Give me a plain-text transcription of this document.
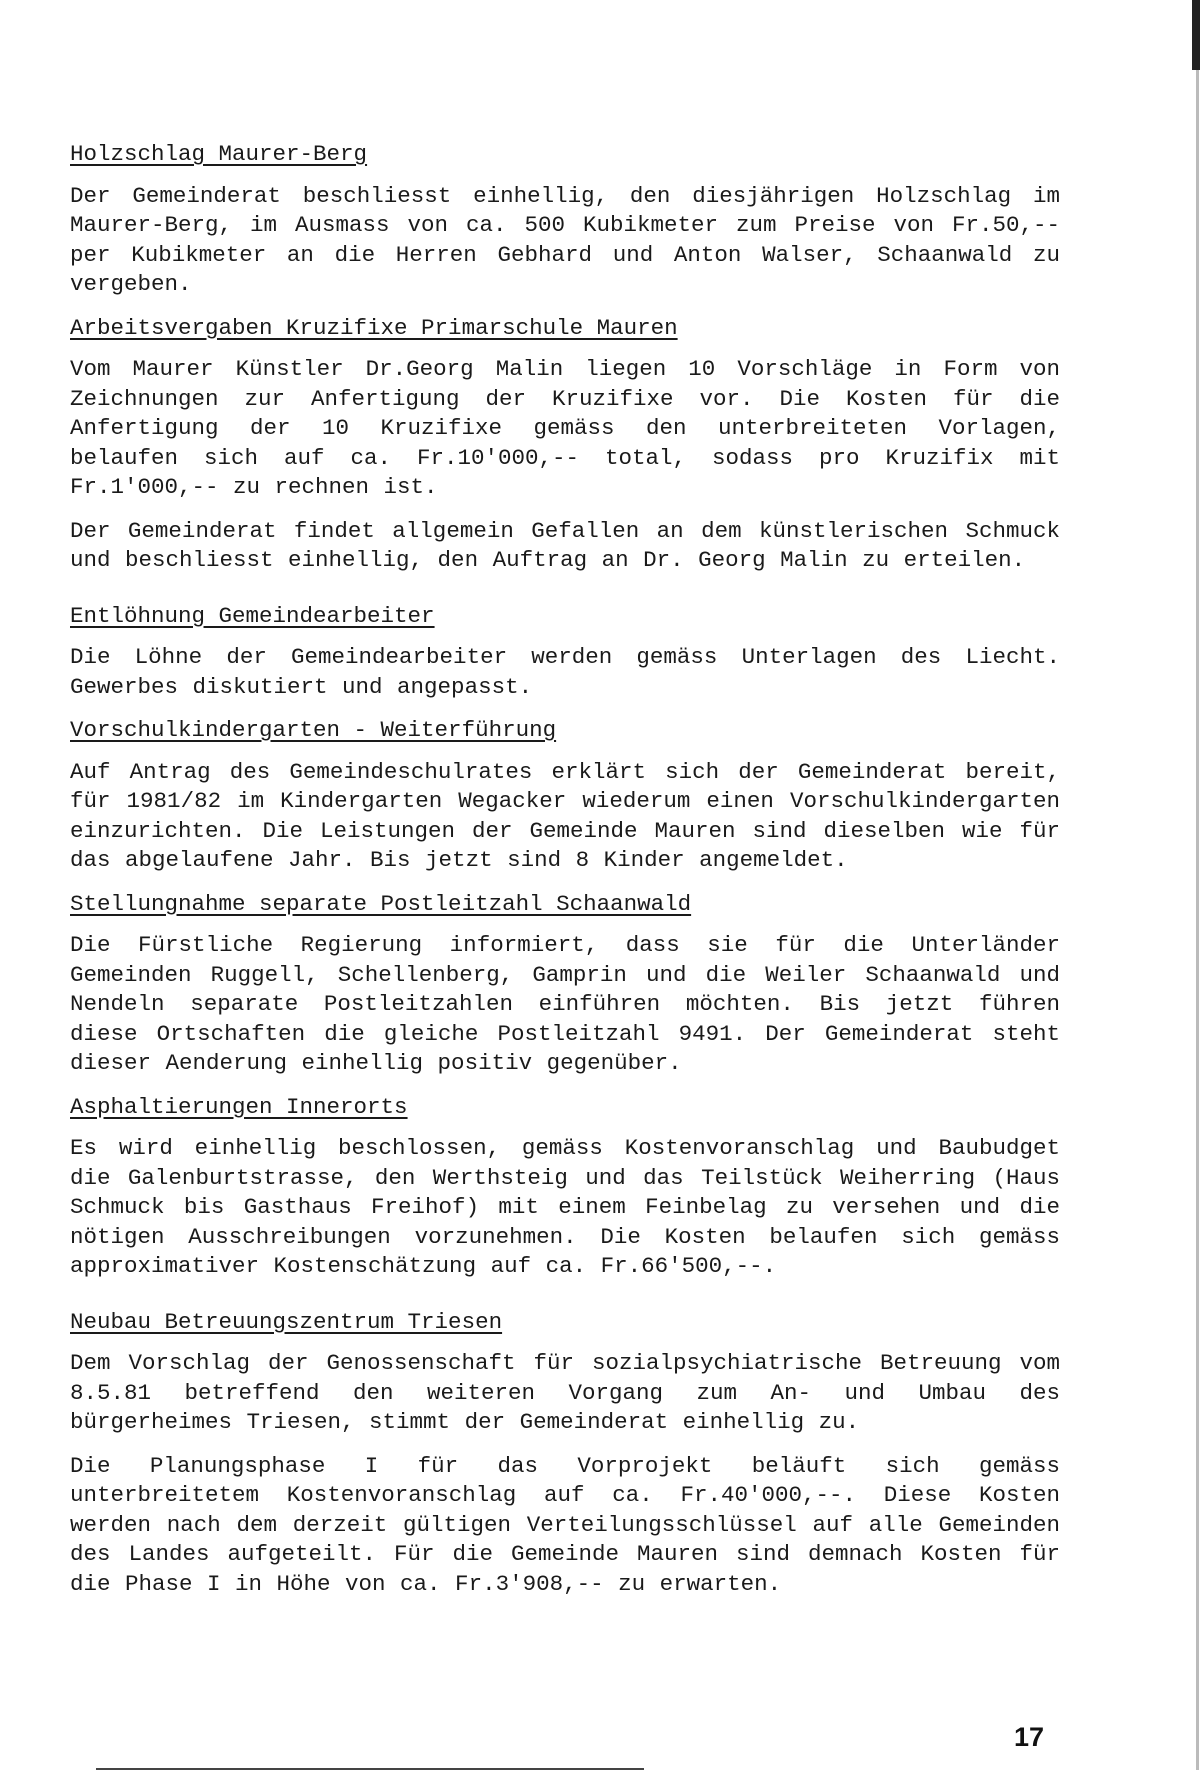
Holzschlag Maurer-Berg

Der Gemeinderat beschliesst einhellig, den diesjährigen Holzschlag im Maurer-Berg, im Ausmass von ca. 500 Kubikmeter zum Preise von Fr.50,-- per Kubikmeter an die Herren Gebhard und Anton Walser, Schaanwald zu vergeben.

Arbeitsvergaben Kruzifixe Primarschule Mauren

Vom Maurer Künstler Dr.Georg Malin liegen 10 Vorschläge in Form von Zeichnungen zur Anfertigung der Kruzifixe vor. Die Kosten für die Anfertigung der 10 Kruzifixe gemäss den unterbreiteten Vorlagen, belaufen sich auf ca. Fr.10'000,-- total, sodass pro Kruzifix mit Fr.1'000,-- zu rechnen ist.

Der Gemeinderat findet allgemein Gefallen an dem künstlerischen Schmuck und beschliesst einhellig, den Auftrag an Dr. Georg Malin zu erteilen.

Entlöhnung Gemeindearbeiter

Die Löhne der Gemeindearbeiter werden gemäss Unterlagen des Liecht. Gewerbes diskutiert und angepasst.

Vorschulkindergarten - Weiterführung

Auf Antrag des Gemeindeschulrates erklärt sich der Gemeinderat bereit, für 1981/82 im Kindergarten Wegacker wiederum einen Vorschulkindergarten einzurichten. Die Leistungen der Gemeinde Mauren sind dieselben wie für das abgelaufene Jahr. Bis jetzt sind 8 Kinder angemeldet.

Stellungnahme separate Postleitzahl Schaanwald

Die Fürstliche Regierung informiert, dass sie für die Unterländer Gemeinden Ruggell, Schellenberg, Gamprin und die Weiler Schaanwald und Nendeln separate Postleitzahlen einführen möchten. Bis jetzt führen diese Ortschaften die gleiche Postleitzahl 9491. Der Gemeinderat steht dieser Aenderung einhellig positiv gegenüber.

Asphaltierungen Innerorts

Es wird einhellig beschlossen, gemäss Kostenvoranschlag und Baubudget die Galenburtstrasse, den Werthsteig und das Teilstück Weiherring (Haus Schmuck bis Gasthaus Freihof) mit einem Feinbelag zu versehen und die nötigen Ausschreibungen vorzunehmen. Die Kosten belaufen sich gemäss approximativer Kostenschätzung auf ca. Fr.66'500,--.

Neubau Betreuungszentrum Triesen

Dem Vorschlag der Genossenschaft für sozialpsychiatrische Betreuung vom 8.5.81 betreffend den weiteren Vorgang zum An- und Umbau des bürgerheimes Triesen, stimmt der Gemeinderat einhellig zu.

Die Planungsphase I für das Vorprojekt beläuft sich gemäss unterbreitetem Kostenvoranschlag auf ca. Fr.40'000,--. Diese Kosten werden nach dem derzeit gültigen Verteilungsschlüssel auf alle Gemeinden des Landes aufgeteilt. Für die Gemeinde Mauren sind demnach Kosten für die Phase I in Höhe von ca. Fr.3'908,-- zu erwarten.

17
